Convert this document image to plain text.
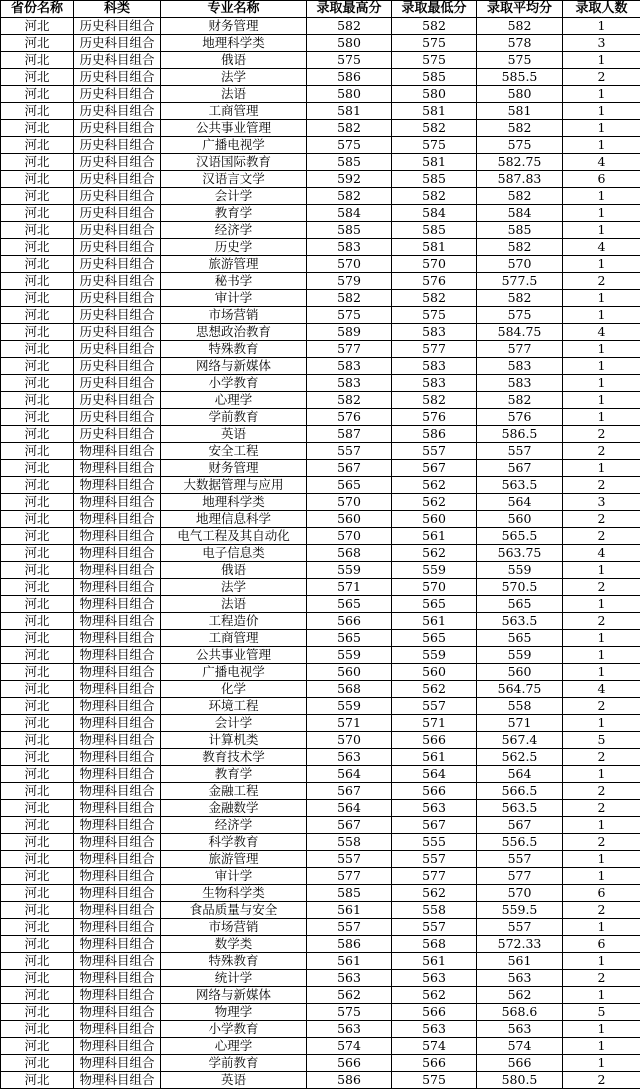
省份名称	科类	专业名称	录取最高分	录取最低分	录取平均分	录取人数
河北	历史科目组合	财务管理	582	582	582	1
河北	历史科目组合	地理科学类	580	575	578	3
河北	历史科目组合	俄语	575	575	575	1
河北	历史科目组合	法学	586	585	585.5	2
河北	历史科目组合	法语	580	580	580	1
河北	历史科目组合	工商管理	581	581	581	1
河北	历史科目组合	公共事业管理	582	582	582	1
河北	历史科目组合	广播电视学	575	575	575	1
河北	历史科目组合	汉语国际教育	585	581	582.75	4
河北	历史科目组合	汉语言文学	592	585	587.83	6
河北	历史科目组合	会计学	582	582	582	1
河北	历史科目组合	教育学	584	584	584	1
河北	历史科目组合	经济学	585	585	585	1
河北	历史科目组合	历史学	583	581	582	4
河北	历史科目组合	旅游管理	570	570	570	1
河北	历史科目组合	秘书学	579	576	577.5	2
河北	历史科目组合	审计学	582	582	582	1
河北	历史科目组合	市场营销	575	575	575	1
河北	历史科目组合	思想政治教育	589	583	584.75	4
河北	历史科目组合	特殊教育	577	577	577	1
河北	历史科目组合	网络与新媒体	583	583	583	1
河北	历史科目组合	小学教育	583	583	583	1
河北	历史科目组合	心理学	582	582	582	1
河北	历史科目组合	学前教育	576	576	576	1
河北	历史科目组合	英语	587	586	586.5	2
河北	物理科目组合	安全工程	557	557	557	2
河北	物理科目组合	财务管理	567	567	567	1
河北	物理科目组合	大数据管理与应用	565	562	563.5	2
河北	物理科目组合	地理科学类	570	562	564	3
河北	物理科目组合	地理信息科学	560	560	560	2
河北	物理科目组合	电气工程及其自动化	570	561	565.5	2
河北	物理科目组合	电子信息类	568	562	563.75	4
河北	物理科目组合	俄语	559	559	559	1
河北	物理科目组合	法学	571	570	570.5	2
河北	物理科目组合	法语	565	565	565	1
河北	物理科目组合	工程造价	566	561	563.5	2
河北	物理科目组合	工商管理	565	565	565	1
河北	物理科目组合	公共事业管理	559	559	559	1
河北	物理科目组合	广播电视学	560	560	560	1
河北	物理科目组合	化学	568	562	564.75	4
河北	物理科目组合	环境工程	559	557	558	2
河北	物理科目组合	会计学	571	571	571	1
河北	物理科目组合	计算机类	570	566	567.4	5
河北	物理科目组合	教育技术学	563	561	562.5	2
河北	物理科目组合	教育学	564	564	564	1
河北	物理科目组合	金融工程	567	566	566.5	2
河北	物理科目组合	金融数学	564	563	563.5	2
河北	物理科目组合	经济学	567	567	567	1
河北	物理科目组合	科学教育	558	555	556.5	2
河北	物理科目组合	旅游管理	557	557	557	1
河北	物理科目组合	审计学	577	577	577	1
河北	物理科目组合	生物科学类	585	562	570	6
河北	物理科目组合	食品质量与安全	561	558	559.5	2
河北	物理科目组合	市场营销	557	557	557	1
河北	物理科目组合	数学类	586	568	572.33	6
河北	物理科目组合	特殊教育	561	561	561	1
河北	物理科目组合	统计学	563	563	563	2
河北	物理科目组合	网络与新媒体	562	562	562	1
河北	物理科目组合	物理学	575	566	568.6	5
河北	物理科目组合	小学教育	563	563	563	1
河北	物理科目组合	心理学	574	574	574	1
河北	物理科目组合	学前教育	566	566	566	1
河北	物理科目组合	英语	586	575	580.5	2
